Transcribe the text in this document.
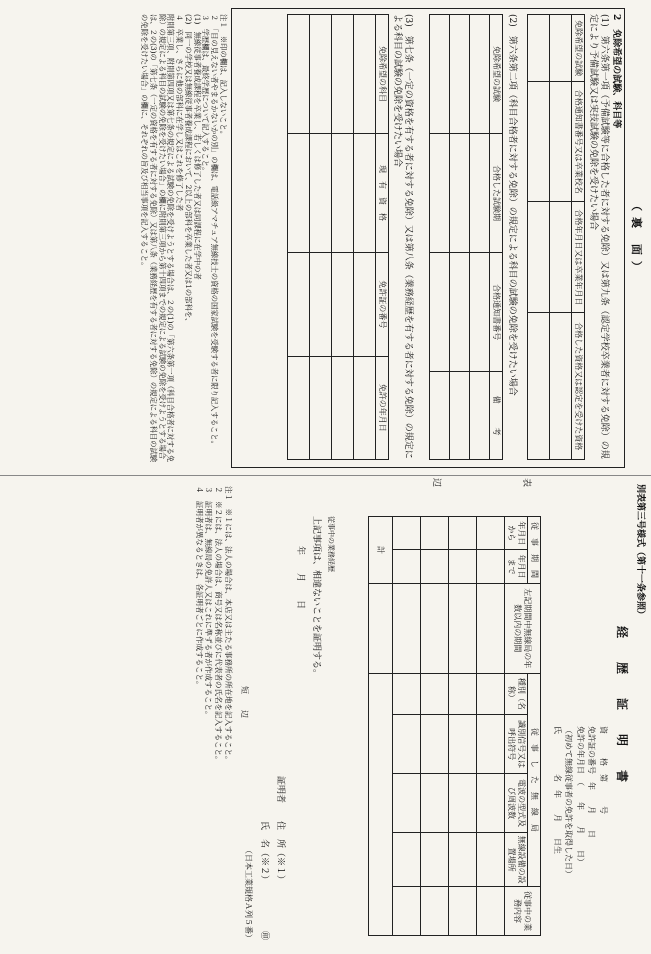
（裏 面）
2　免除希望の試験、科目等
(1)　第六条第一項（予備試験等に合格した者に対する免除）又は第九条（認定学校卒業者に対する免除）の規定により予備試験又は実技試験の免除を受けたい場合
免除希望の試験	合格通知書番号又は卒業校名	合格年月日又は卒業年月日	合格した資格又は認定を受けた資格

(2)　第六条第二項（科目合格者に対する免除）の規定による科目の試験の免除を受けたい場合
免除希望の試験	合格した試験期	合格通知書番号	備　　　考

(3)　第七条（一定の資格を有する者に対する免除）又は第八条（業務経歴を有する者に対する免除）の規定による科目の試験の免除を受けたい場合
免除希望の科目	現　有　資　格	免許証の番号	免許の年月日

注１　※印の欄は、記入しないこと。
２　「目の見えない者やまるかないかの別」の欄は、電話級アマチュア無線技士の資格の国家試験を受験する者に限り記入すること。
３　学歴欄は、最終学歴について記入すること。
(1)　無線従事者養成課程を卒業し、若しくは修了した者又は同課程に在学中の者
(2)　同一の学校又は無線従事者養成課程において、2以上の部科を卒業した者又は1の部科を、
４　卒業し、さらに他の部科に在学し又はこれを修了した者
附則第三項、附則第四項又は第七条の規定による試験の免除を受けようとする場合は、２の(1)の「第六条第一項（科目合格者に対する免除）の規定による科目の試験の免除を受けたい場合」の欄に附則第三項から第十四項までの規定による試験の免除を受けようとする場合は、２の(3)の「第七条（一定の資格を有する者に対する免除）又は第八条（業務経歴を有する者に対する免除）の規定による科目の試験の免除を受けたい場合」の欄に、それぞれの旨及び相当事項を記入すること。
別表第三号様式（第十一条参照）
経　歴　証　明　書
資　　　格　第　　　号
免許証の番号　年　　月　　日
免許の年月日　（　　年　　月　　日）
（初めて無線従事者の免許を取得した日）
氏　　　　　名　年　　月　　日生
表
従　事　期　間		左記期間中無線局の年数以内の期間	従　事　し　た　無　線　局				従事中の業務内容
年月日から	年月日まで		種別（名称）	識別信号又は呼出符号	電波の型式及び周波数	無線設備の設置場所	

計							
従事中の業務経歴
上記事項は、相違ないことを証明する。
年　　月　　日
証明者
住　所（※１）
氏　名（※２）
㊞
（日本工業規格Ａ列５番）
短　　辺
辺
注１　※１には、法人の場合は、本店又は主たる事務所の所在地を記入すること。
２　※２には、法人の場合は、商号又は名称並びに代表者の氏名を記入すること。
３　証明者は、無線局の免許人又はこれに準ずる者が作成すること。
４　証明者が異なるときは、各証明者ごとに作成すること。
